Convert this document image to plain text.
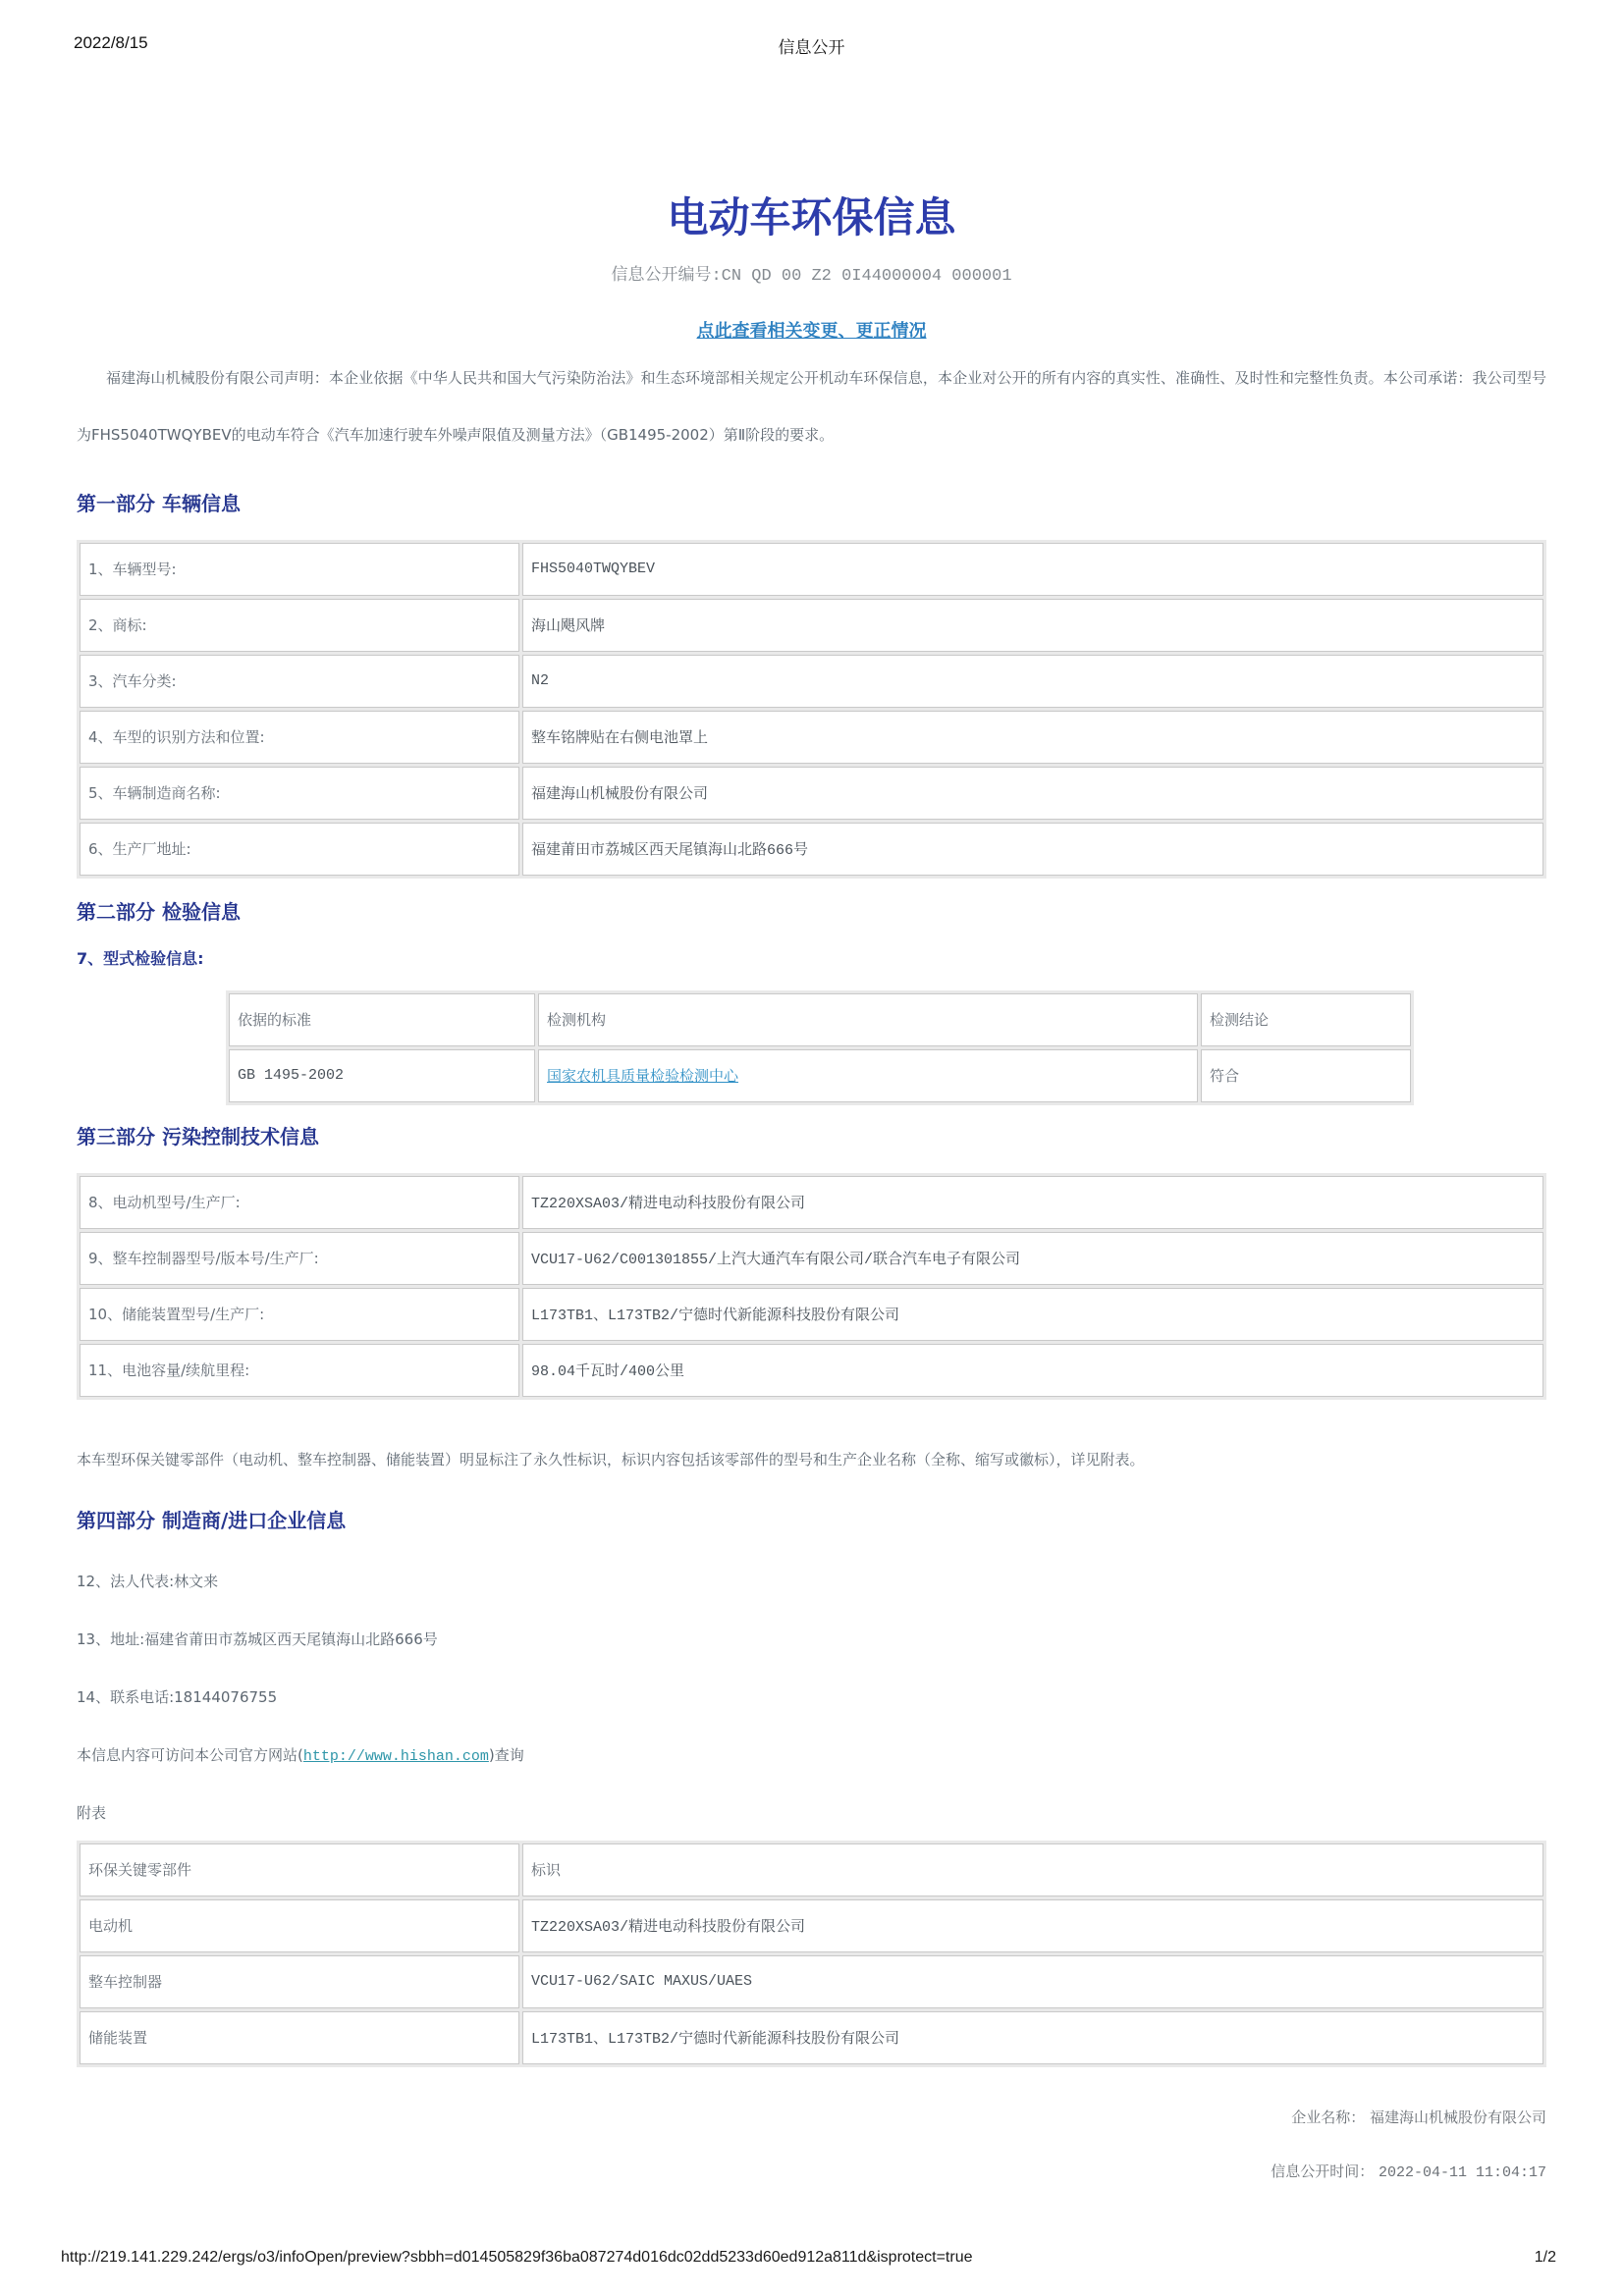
2022/8/15	信息公开
电动车环保信息
信息公开编号:CN QD 00 Z2 0I44000004 000001
点此查看相关变更、更正情况

福建海山机械股份有限公司声明：本企业依据《中华人民共和国大气污染防治法》和生态环境部相关规定公开机动车环保信息，本企业对公开的所有内容的真实性、准确性、及时性和完整性负责。本公司承诺：我公司型号为FHS5040TWQYBEV的电动车符合《汽车加速行驶车外噪声限值及测量方法》（GB1495-2002）第Ⅱ阶段的要求。

第一部分 车辆信息
1、车辆型号:	FHS5040TWQYBEV
2、商标:	海山飓风牌
3、汽车分类:	N2
4、车型的识别方法和位置:	整车铭牌贴在右侧电池罩上
5、车辆制造商名称:	福建海山机械股份有限公司
6、生产厂地址:	福建莆田市荔城区西天尾镇海山北路666号
第二部分 检验信息
7、型式检验信息:
依据的标准	检测机构	检测结论
GB 1495-2002	国家农机具质量检验检测中心	符合
第三部分 污染控制技术信息
8、电动机型号/生产厂:	TZ220XSA03/精进电动科技股份有限公司
9、整车控制器型号/版本号/生产厂:	VCU17-U62/C001301855/上汽大通汽车有限公司/联合汽车电子有限公司
10、储能装置型号/生产厂:	L173TB1、L173TB2/宁德时代新能源科技股份有限公司
11、电池容量/续航里程:	98.04千瓦时/400公里

本车型环保关键零部件（电动机、整车控制器、储能装置）明显标注了永久性标识，标识内容包括该零部件的型号和生产企业名称（全称、缩写或徽标），详见附表。

第四部分 制造商/进口企业信息
12、法人代表:林文来
13、地址:福建省莆田市荔城区西天尾镇海山北路666号
14、联系电话:18144076755
本信息内容可访问本公司官方网站(http://www.hishan.com)查询
附表
环保关键零部件	标识
电动机	TZ220XSA03/精进电动科技股份有限公司
整车控制器	VCU17-U62/SAIC MAXUS/UAES
储能装置	L173TB1、L173TB2/宁德时代新能源科技股份有限公司
企业名称： 福建海山机械股份有限公司
信息公开时间： 2022-04-11 11:04:17
http://219.141.229.242/ergs/o3/infoOpen/preview?sbbh=d014505829f36ba087274d016dc02dd5233d60ed912a811d&isprotect=true	1/2
